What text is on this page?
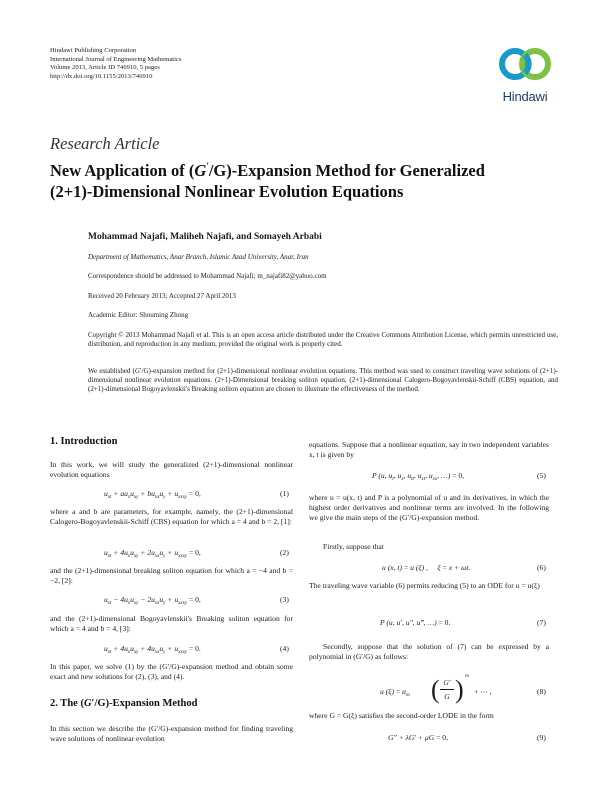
Hindawi Publishing Corporation
International Journal of Engineering Mathematics
Volume 2013, Article ID 746910, 5 pages
http://dx.doi.org/10.1155/2013/746910
Hindawi
Research Article
New Application of (G′/G)-Expansion Method for Generalized
(2+1)-Dimensional Nonlinear Evolution Equations
Mohammad Najafi, Maliheh Najafi, and Somayeh Arbabi
Department of Mathematics, Anar Branch, Islamic Azad University, Anar, Iran
Correspondence should be addressed to Mohammad Najafi; m_najafi82@yahoo.com
Received 20 February 2013; Accepted 27 April 2013
Academic Editor: Shouming Zhong
Copyright © 2013 Mohammad Najafi et al. This is an open access article distributed under the Creative Commons Attribution License, which permits unrestricted use, distribution, and reproduction in any medium, provided the original work is properly cited.
We established (G′/G)-expansion method for (2+1)-dimensional nonlinear evolution equations. This method was used to construct traveling wave solutions of (2+1)-dimensional nonlinear evolution equations. (2+1)-Dimensional breaking soliton equation, (2+1)-dimensional Calogero-Bogoyavlenskii-Schiff (CBS) equation, and (2+1)-dimensional Bogoyavlenskii's Breaking soliton equation are chosen to illustrate the effectiveness of the method.
1. Introduction
In this work, we will study the generalized (2+1)-dimensional nonlinear evolution equations
$u_{xt} + au_xu_{xy} + bu_{xx}u_y + u_{xxxy} = 0$,	(1)
where a and b are parameters, for example, namely, the (2+1)-dimensional Calogero-Bogoyavlenskii-Schiff (CBS) equation for which a = 4 and b = 2, [1]:
$u_{xt} + 4u_xu_{xy} + 2u_{xx}u_y + u_{xxxy} = 0$,	(2)
and the (2+1)-dimensional breaking soliton equation for which a = −4 and b = −2, [2]:
$u_{xt} - 4u_xu_{xy} - 2u_{xx}u_y + u_{xxxy} = 0$,	(3)
and the (2+1)-dimensional Bogoyavlenskii's Breaking soliton equation for which a = 4 and b = 4, [3]:
$u_{xt} + 4u_xu_{xy} + 4u_{xx}u_y + u_{xxxy} = 0$.	(4)
In this paper, we solve (1) by the (G′/G)-expansion method and obtain some exact and new solutions for (2), (3), and (4).
2. The (G′/G)-Expansion Method
In this section we describe the (G′/G)-expansion method for finding traveling wave solutions of nonlinear evolution
equations. Suppose that a nonlinear equation, say in two independent variables x, t is given by
P (u, $u_t$, $u_x$, $u_{tt}$, $u_{xt}$, $u_{xx}$, …) = 0,	(5)
where u = u(x, t) and P is a polynomial of u and its derivatives, in which the highest order derivatives and nonlinear terms are involved. In the following we give the main steps of the (G′/G)-expansion method.
Firstly, suppose that
u (x, t) = u (ξ) ,     ξ = x + ωt.	(6)
The traveling wave variable (6) permits reducing (5) to an ODE for u = u(ξ)
P (u, u′, u″, u‴, …) = 0.	(7)
Secondly, suppose that the solution of (7) can be expressed by a polynomial in (G′/G) as follows:
u $(\xi) = \alpha_m$ ( G′
G ) m
+ ⋯ ,	(8)
where G = G(ξ) satisfies the second-order LODE in the form
G″ + λG′ + μG = 0,	(9)
